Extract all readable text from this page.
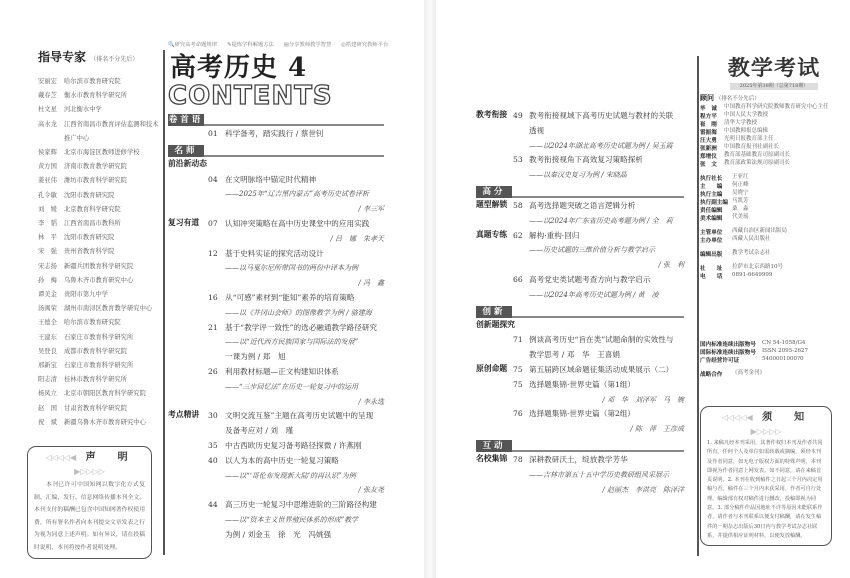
指导专家 （排名不分先后）
安丽宏	哈尔滨市教育研究院
戴春芝	衡水市教育科学研究所
杜文星	河北衡水中学
高水龙	江西省南昌市教育评估监测和技术
推广中心
侯家辉	北京市海淀区教师进修学校
黄方国	济南市教育教学研究院
姜亚伟	潍坊市教育科学研究院
孔令敏	沈阳市教育研究院
刘　媛	北京教育科学研究院
李　韬	江西省南昌市教科所
林　平	沈阳市教育研究院
宋　强	贵州省教育科学院
宋志扬	新疆兵团教育科学研究院
孙　梅	乌鲁木齐市教育研究中心
谭美金	贵阳市第九中学
汤闽荣	湖州市南浔区教育教学研究中心
王德全	哈尔滨市教育研究院
王建东	石家庄市教育科学研究所
吴登良	成都市教育科学研究院
邢新宝	石家庄市教育科学研究所
阳志清	桂林市教育科学研究所
杨凤立	北京市朝阳区教育科学研究院
赵　国	甘肃省教育科学研究院
祝　斌	新疆乌鲁木齐市教育研究中心
◁◁◁◁◀ 声　明 ▶▷▷▷▷

本刊已许可中国知网以数字化方式复制、汇编、发行、信息网络传播本刊全文。本刊支付的稿酬已包含中国知网著作权使用费，所有署名作者向本刊提交文章发表之行为视为同意上述声明。如有异议，请在投稿时说明，本刊将按作者说明处理。

🔍研究高考命题规律 ✎提炼学科解题方法 ▤分享教师教学智慧 ◎搭建研究教师平台
高考历史 4
CONTENTS
卷首语
01 科学备考，踏实践行 / 蔡世钊
名师
前沿新动态
04 在文明脉络中锚定时代精神
——2025年“辽吉黑内蒙古”高考历史试卷评析
/ 李三军
复习有道 07 认知冲突策略在高中历史课堂中的应用实践
/ 吕　娜　朱孝天
12 基于史料实证的探究活动设计
——以马戛尔尼所带国书的两份中译本为例
/ 冯　鑫
16 从“可感”素材到“能知”素养的培育策略
——以《井冈山会师》的图像教学为例 / 骆建海
21 基于“教学评一致性”的选必融通教学路径研究
——以“近代西方民族国家与国际法的发展”
一课为例 / 郑　旭
26 利用教材标题—正文构建知识体系
——“三步回忆法”在历史一轮复习中的运用
/ 李永选
考点精讲 30 文明交流互鉴”主题在高考历史试题中的呈现
及备考应对 / 刘　瑾
35 中古西欧历史复习备考路径探微 / 许燕刚
40 以人为本的高中历史一轮复习策略
——以“‘哥伦布发现新大陆’的再认识”为例
/ 张友尧
44 高三历史一轮复习中思维进阶的三阶路径构建
——以“资本主义世界殖民体系的形成”教学
为例 / 刘金玉　徐　光　冯姚强
教考衔接 49 教考衔接视域下高考历史试题与教材的关联
透视
——以2024年湖北高考历史试题为例 / 吴玉霞
53 教考衔接视角下高效复习策略探析
——以秦汉史复习为例 / 宋晓晶
高分
题型解锁 58 高考选择题突破之语言逻辑分析
——以2024年广东省历史高考题为例 / 全　莉
真题专练 62 解构·重构·回归
——历史试题的三维价值分析与教学启示
/ 张　利
66 高考党史类试题考查方向与教学启示
——以2024年高考历史试题为例 / 黄　凌
创新
创新题探究
71 例谈高考历史“旨在类”试题命制的实效性与
教学思考 / 邓　华　王喜娟
原创命题 75 第五届跨区域命题征集活动成果展示（二）
75 选择题集锦·世界史篇（第1组）
/ 邓　华　刘泽军　马　婉
76 选择题集锦·世界史篇（第2组）
/ 陈　萍　王彦成
互动
名校集锦 78 深耕教研沃土，绽放教学芳华
——吉林市第五十五中学历史教研组风采展示
/ 赵丽杰　李洪亮　陈泽洋
教学考试
2025年第38期（总第718期）
顾问 （排名不分先后）
毕　诚	中国教育科学研究院教师教育研究中心主任
程方平	中国人民大学教授
崔　刚	清华大学教授
雷振海	中国教师报总编辑
汪大勇	光明日报教育部主任
张新洲	中国教育报刊社副社长
郑增仪	教育部基础教育司原副司长
张　文	教育部政策法规司原副司长
执行社长	王亚红
主　　编	何正峰
执行主编	吴晓宁
执行副主编 马凯芳
责任编辑	桑　淼
美术编辑	代美瑶
主管单位	西藏自治区新闻出版局
主办单位	西藏人民出版社
编辑出版	教学考试杂志社
社　　址	拉萨市北京西路10号
电　　话	0891-6649999
国内标准连续出版物号	CN 54-1058/G4
国际标准连续出版物号	ISSN 2095-2627
广告经营许可证	5400001000?0
战略合作	《高考金刊》
◁◁◁◁◀ 须　知 ▶▷▷▷▷
1. 来稿凡经本刊采用，其著作权归本刊及作者共同所有。任何个人及单位如需转载或摘编，须经本刊及作者同意。如无电子版权方面的特殊声明，本刊即视为作者同意上网发表。如不同意，请在来稿首页说明。2. 本刊在收到稿件之日起三个月内决定用稿与否。稿件在三个月内未获采用，作者可自行处理。编辑部有权对稿件进行删改，投稿即视为同意。3. 部分稿件作品因地址不详等原因未能联系作者，请作者与本刊联系以便支付稿酬，请在发生稿件的一期杂志出版后30日内与教学考试杂志社联系，并提供相应证明材料，以便发放稿酬。
